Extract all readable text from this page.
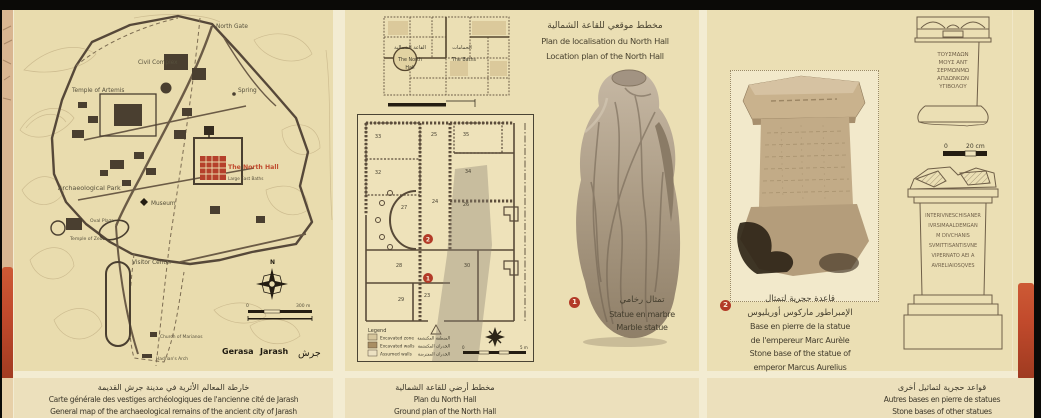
North Gate
Civil Complex
Temple of Artemis	Spring
The North Hall
Large East Baths
Archaeological Park
Museum
Oval Plaza
Temple of Zeus
Visitor Center
Church of Marianos
Hadrian's Arch
N
0	300 m
Gerasa Jarash جرش
القاعة الشمالية
The North
Hall
الحمامات
The Baths
مخطط موقعي للقاعة الشمالية
Plan de localisation du North Hall
Location plan of the North Hall
33	25	35
32	34
27
24	26
28	30
29
23
2
1
Legend
Excavated zone المنطقة المكتشفة
Excavated walls الجدران المكتشفة
Assumed walls الجدران المفترضة
0	5 m
1	تمثال رخامي
Statue en marbre
Marble statue
2
قاعدة حجرية لتمثال
الإمبراطور ماركوس أوريليوس
Base en pierre de la statue
de l'empereur Marc Aurèle
Stone base of the statue of
emperor Marcus Aurelius
ΤΟΥΣΜΔΩΝ
ΜΟΥΣ ΑΝΤ
ΣΕΡΜΩΝΜΩ
ΑΠΔΩΝΚΩΝ
ΥΓΙΒΟΛΟΥ
0	20 cm
INTERIVNESCHISANER
IVRSIMAALDEMGAN
M DIVCHANIS
SVMITTISANTISVNE
VIPERNATO AEI A
AVRELIAIOSQVES
خارطة المعالم الأثرية في مدينة جرش القديمة
Carte générale des vestiges archéologiques de l'ancienne cité de Jarash
General map of the archaeological remains of the ancient city of Jarash
مخطط أرضي للقاعة الشمالية
Plan du North Hall
Ground plan of the North Hall
قواعد حجرية لتماثيل أخرى
Autres bases en pierre de statues
Stone bases of other statues
